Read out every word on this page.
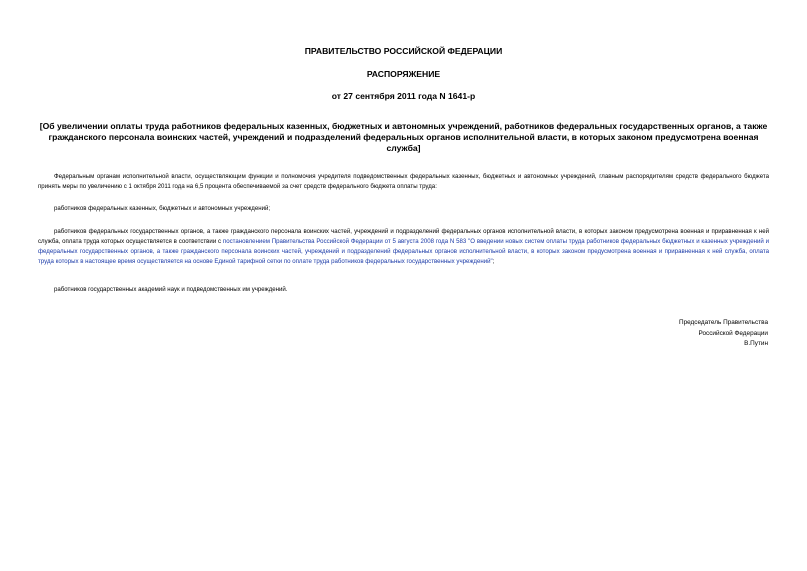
ПРАВИТЕЛЬСТВО РОССИЙСКОЙ ФЕДЕРАЦИИ
РАСПОРЯЖЕНИЕ
от 27 сентября 2011 года N 1641-р
[Об увеличении оплаты труда работников федеральных казенных, бюджетных и автономных учреждений, работников федеральных государственных органов, а также гражданского персонала воинских частей, учреждений и подразделений федеральных органов исполнительной власти, в которых законом предусмотрена военная служба]
Федеральным органам исполнительной власти, осуществляющим функции и полномочия учредителя подведомственных федеральных казенных, бюджетных и автономных учреждений, главным распорядителям средств федерального бюджета принять меры по увеличению с 1 октября 2011 года на 6,5 процента обеспечиваемой за счет средств федерального бюджета оплаты труда:
работников федеральных казенных, бюджетных и автономных учреждений;
работников федеральных государственных органов, а также гражданского персонала воинских частей, учреждений и подразделений федеральных органов исполнительной власти, в которых законом предусмотрена военная и приравненная к ней служба, оплата труда которых осуществляется в соответствии с постановлением Правительства Российской Федерации от 5 августа 2008 года N 583 "О введении новых систем оплаты труда работников федеральных бюджетных и казенных учреждений и федеральных государственных органов, а также гражданского персонала воинских частей, учреждений и подразделений федеральных органов исполнительной власти, в которых законом предусмотрена военная и приравненная к ней служба, оплата труда которых в настоящее время осуществляется на основе Единой тарифной сетки по оплате труда работников федеральных государственных учреждений";
работников государственных академий наук и подведомственных им учреждений.
Председатель Правительства
Российской Федерации
В.Путин
